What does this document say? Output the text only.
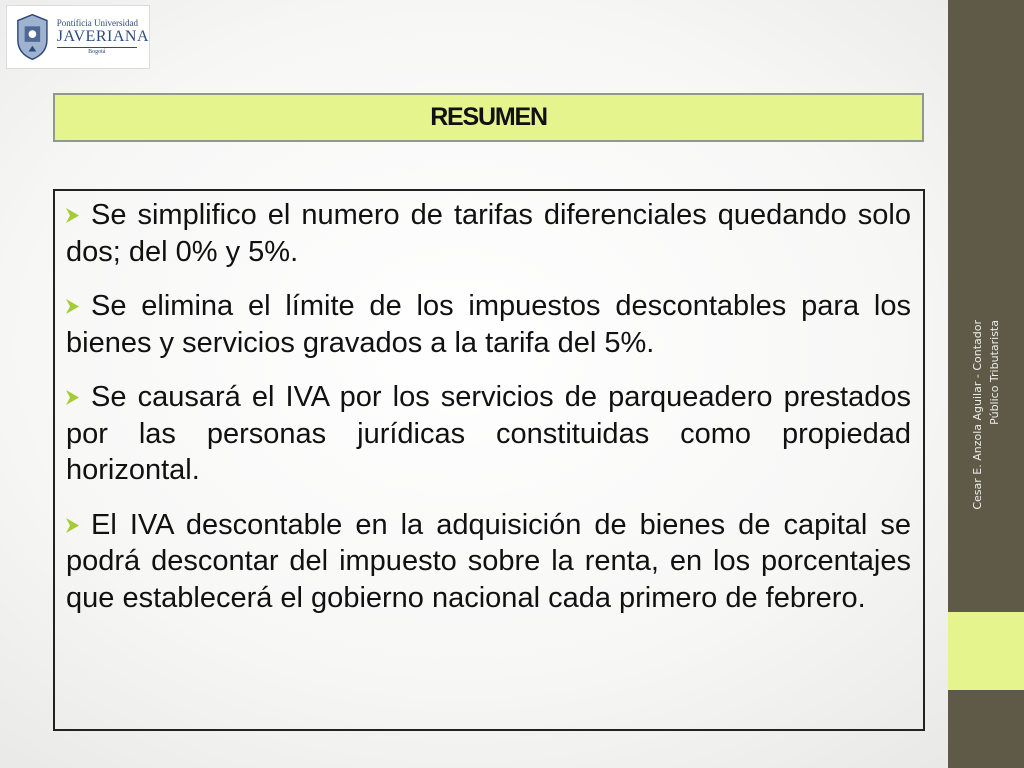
Pontificia Universidad
JAVERIANA
Bogotá
RESUMEN

Se simplifico el numero de tarifas diferenciales quedando solo dos; del 0% y 5%.

Se elimina el límite de los impuestos descontables para los bienes y servicios gravados a la tarifa del 5%.

Se causará el IVA por los servicios de parqueadero prestados por las personas jurídicas constituidas como propiedad horizontal.

El IVA descontable en la adquisición de bienes de capital se podrá descontar del impuesto sobre la renta, en los porcentajes que establecerá el gobierno nacional cada primero de febrero.

Cesar E. Anzola Aguilar - Contador Público Tributarista
